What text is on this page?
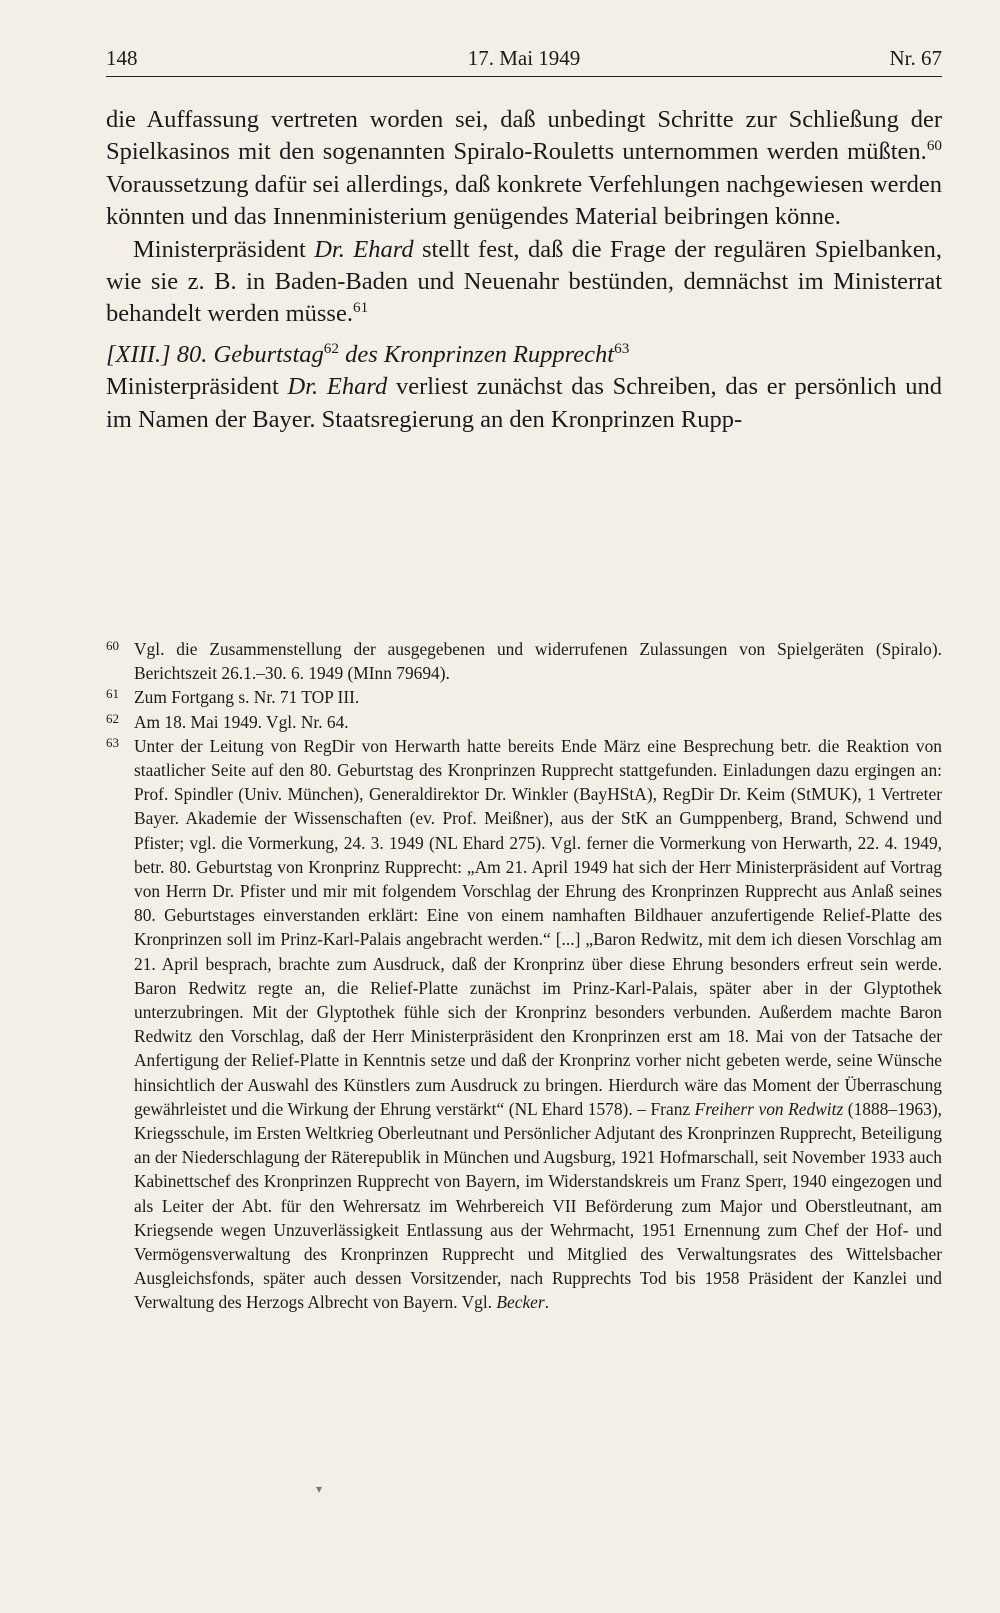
148	17. Mai 1949	Nr. 67

die Auffassung vertreten worden sei, daß unbedingt Schritte zur Schließung der Spielkasinos mit den sogenannten Spiralo-Rouletts unternommen werden müßten.$^{60}$ Voraussetzung dafür sei allerdings, daß konkrete Verfehlungen nachgewiesen werden könnten und das Innenministerium genügendes Material beibringen könne.

Ministerpräsident Dr. Ehard stellt fest, daß die Frage der regulären Spielbanken, wie sie z. B. in Baden-Baden und Neuenahr bestünden, demnächst im Ministerrat behandelt werden müsse.$^{61}$

[XIII.] 80. Geburtstag$^{62}$ des Kronprinzen Rupprecht$^{63}$

Ministerpräsident Dr. Ehard verliest zunächst das Schreiben, das er persönlich und im Namen der Bayer. Staatsregierung an den Kronprinzen Rupp-

60 Vgl. die Zusammenstellung der ausgegebenen und widerrufenen Zulassungen von Spielgeräten (Spiralo). Berichtszeit 26.1.–30. 6. 1949 (MInn 79694).
61 Zum Fortgang s. Nr. 71 TOP III.
62 Am 18. Mai 1949. Vgl. Nr. 64.
63 Unter der Leitung von RegDir von Herwarth hatte bereits Ende März eine Besprechung betr. die Reaktion von staatlicher Seite auf den 80. Geburtstag des Kronprinzen Rupprecht stattgefunden. Einladungen dazu ergingen an: Prof. Spindler (Univ. München), Generaldirektor Dr. Winkler (BayHStA), RegDir Dr. Keim (StMUK), 1 Vertreter Bayer. Akademie der Wissenschaften (ev. Prof. Meißner), aus der StK an Gumppenberg, Brand, Schwend und Pfister; vgl. die Vormerkung, 24. 3. 1949 (NL Ehard 275). Vgl. ferner die Vormerkung von Herwarth, 22. 4. 1949, betr. 80. Geburtstag von Kronprinz Rupprecht: „Am 21. April 1949 hat sich der Herr Ministerpräsident auf Vortrag von Herrn Dr. Pfister und mir mit folgendem Vorschlag der Ehrung des Kronprinzen Rupprecht aus Anlaß seines 80. Geburtstages einverstanden erklärt: Eine von einem namhaften Bildhauer anzufertigende Relief-Platte des Kronprinzen soll im Prinz-Karl-Palais angebracht werden.“ [...] „Baron Redwitz, mit dem ich diesen Vorschlag am 21. April besprach, brachte zum Ausdruck, daß der Kronprinz über diese Ehrung besonders erfreut sein werde. Baron Redwitz regte an, die Relief-Platte zunächst im Prinz-Karl-Palais, später aber in der Glyptothek unterzubringen. Mit der Glyptothek fühle sich der Kronprinz besonders verbunden. Außerdem machte Baron Redwitz den Vorschlag, daß der Herr Ministerpräsident den Kronprinzen erst am 18. Mai von der Tatsache der Anfertigung der Relief-Platte in Kenntnis setze und daß der Kronprinz vorher nicht gebeten werde, seine Wünsche hinsichtlich der Auswahl des Künstlers zum Ausdruck zu bringen. Hierdurch wäre das Moment der Überraschung gewährleistet und die Wirkung der Ehrung verstärkt“ (NL Ehard 1578). – Franz Freiherr von Redwitz (1888–1963), Kriegsschule, im Ersten Weltkrieg Oberleutnant und Persönlicher Adjutant des Kronprinzen Rupprecht, Beteiligung an der Niederschlagung der Räterepublik in München und Augsburg, 1921 Hofmarschall, seit November 1933 auch Kabinettschef des Kronprinzen Rupprecht von Bayern, im Widerstandskreis um Franz Sperr, 1940 eingezogen und als Leiter der Abt. für den Wehrersatz im Wehrbereich VII Beförderung zum Major und Oberstleutnant, am Kriegsende wegen Unzuverlässigkeit Entlassung aus der Wehrmacht, 1951 Ernennung zum Chef der Hof- und Vermögensverwaltung des Kronprinzen Rupprecht und Mitglied des Verwaltungsrates des Wittelsbacher Ausgleichsfonds, später auch dessen Vorsitzender, nach Rupprechts Tod bis 1958 Präsident der Kanzlei und Verwaltung des Herzogs Albrecht von Bayern. Vgl. Becker.
▾
